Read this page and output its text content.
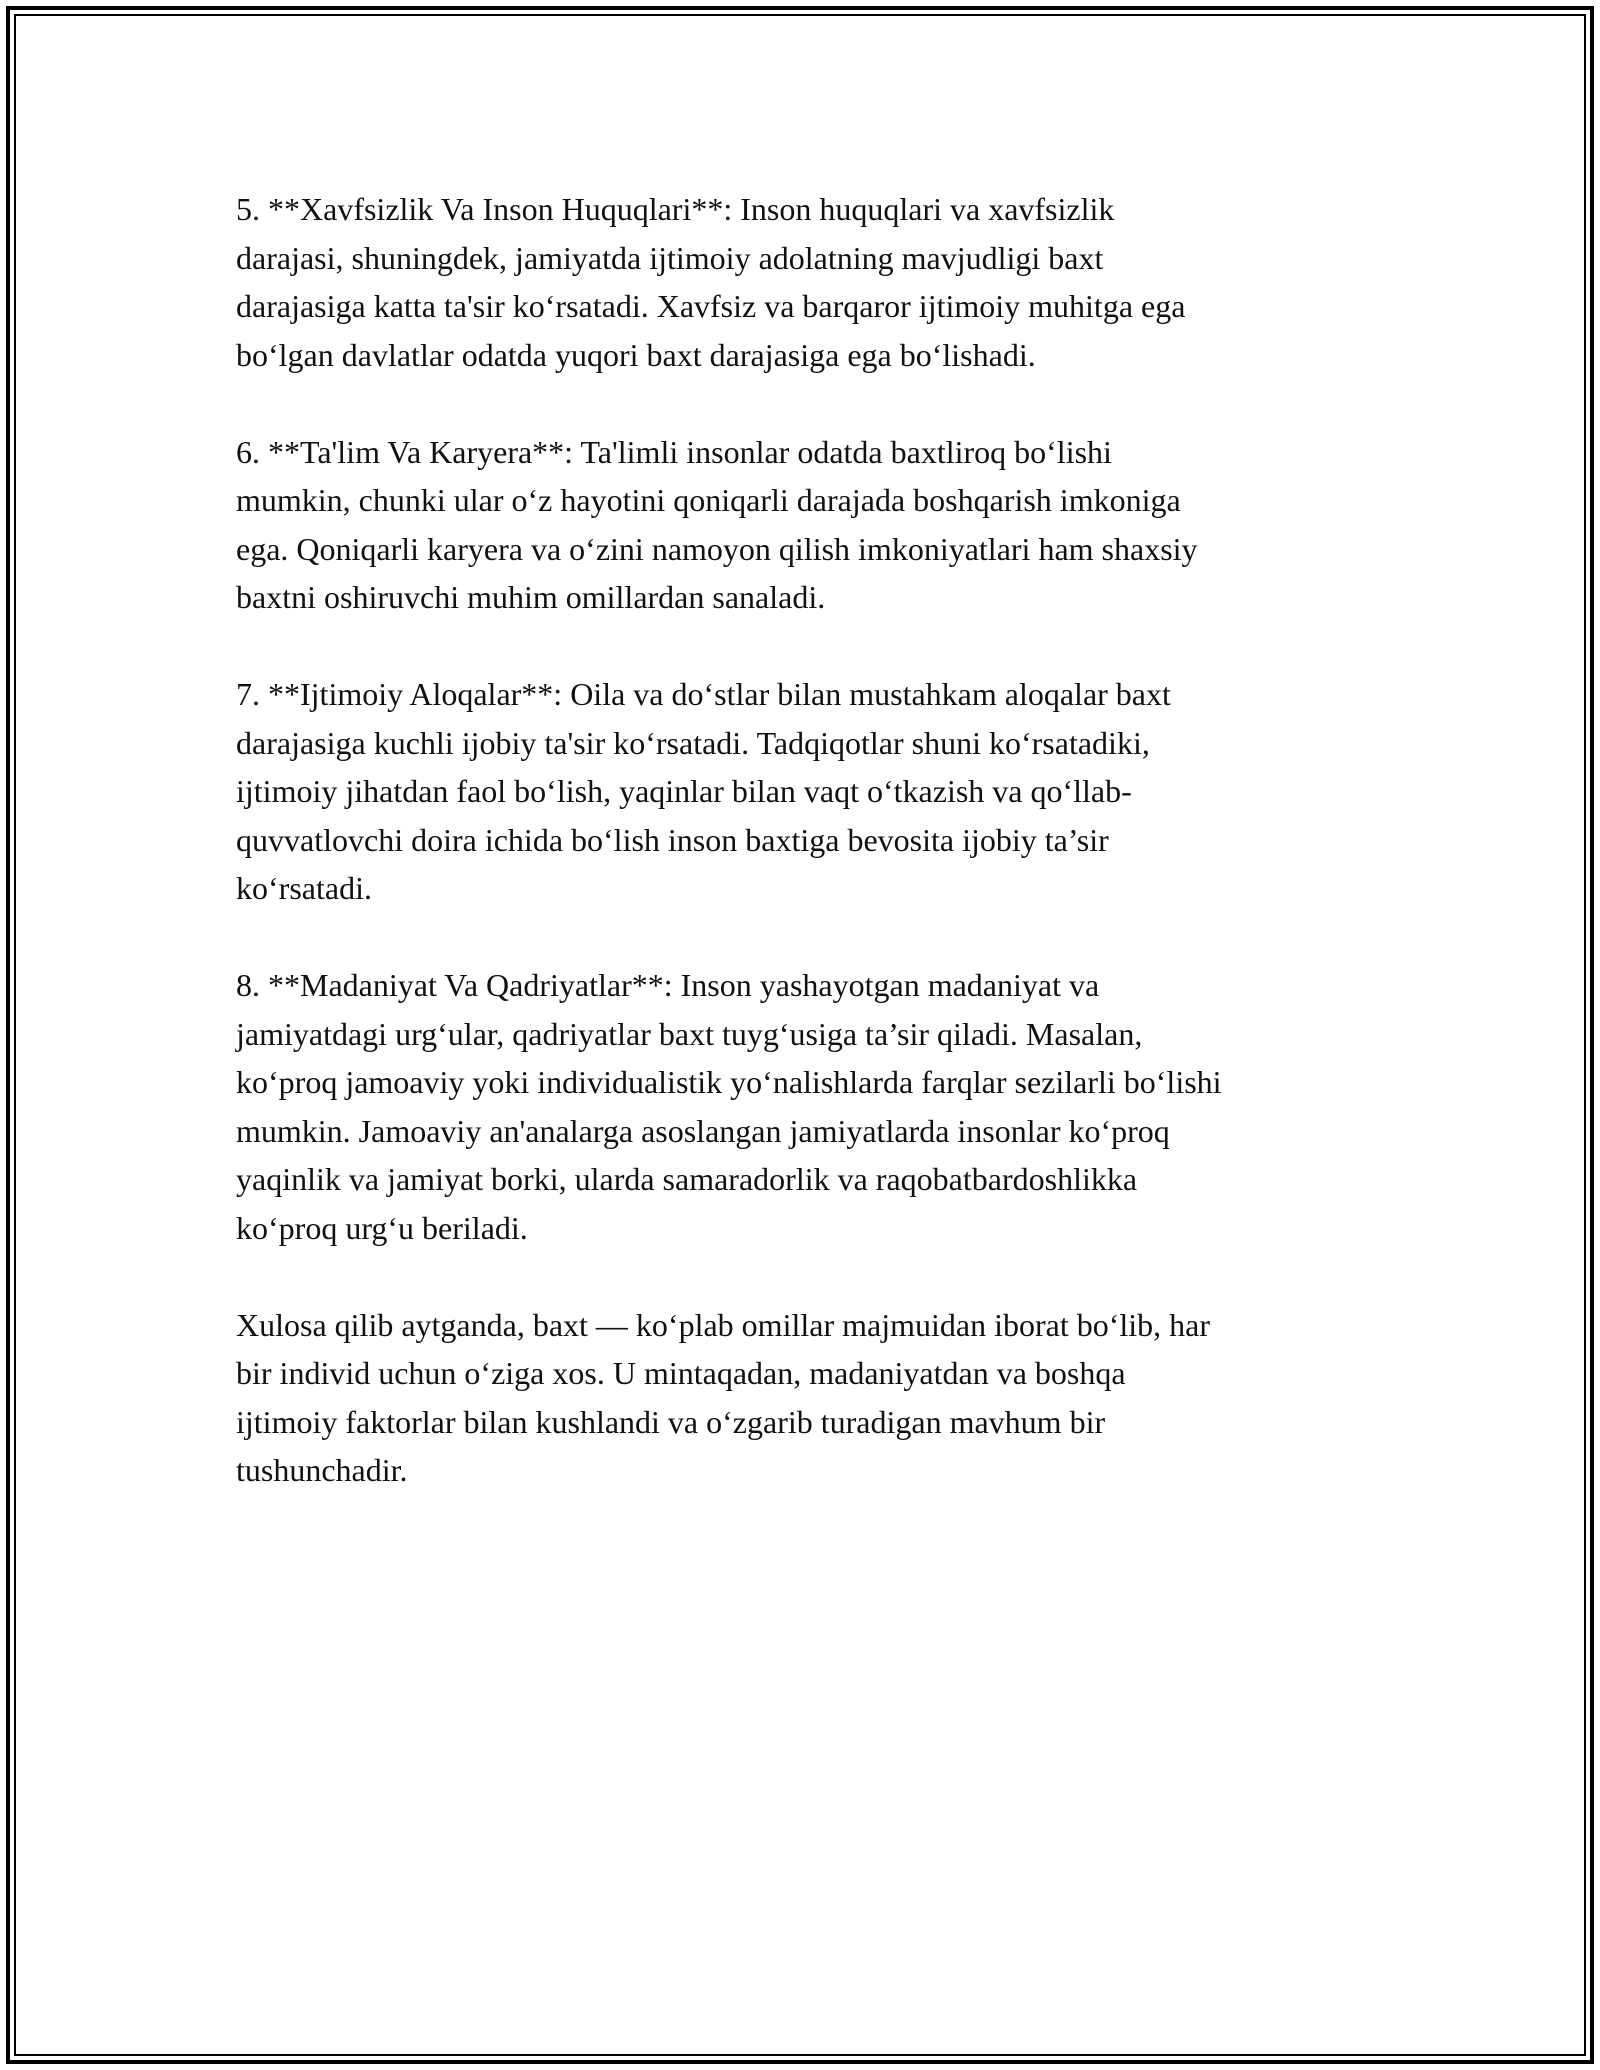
5. **Xavfsizlik Va Inson Huquqlari**: Inson huquqlari va xavfsizlik
darajasi, shuningdek, jamiyatda ijtimoiy adolatning mavjudligi baxt
darajasiga katta ta'sir ko‘rsatadi. Xavfsiz va barqaror ijtimoiy muhitga ega
bo‘lgan davlatlar odatda yuqori baxt darajasiga ega bo‘lishadi.

6. **Ta'lim Va Karyera**: Ta'limli insonlar odatda baxtliroq bo‘lishi
mumkin, chunki ular o‘z hayotini qoniqarli darajada boshqarish imkoniga
ega. Qoniqarli karyera va o‘zini namoyon qilish imkoniyatlari ham shaxsiy
baxtni oshiruvchi muhim omillardan sanaladi.

7. **Ijtimoiy Aloqalar**: Oila va do‘stlar bilan mustahkam aloqalar baxt
darajasiga kuchli ijobiy ta'sir ko‘rsatadi. Tadqiqotlar shuni ko‘rsatadiki,
ijtimoiy jihatdan faol bo‘lish, yaqinlar bilan vaqt o‘tkazish va qo‘llab-
quvvatlovchi doira ichida bo‘lish inson baxtiga bevosita ijobiy ta’sir
ko‘rsatadi.

8. **Madaniyat Va Qadriyatlar**: Inson yashayotgan madaniyat va
jamiyatdagi urg‘ular, qadriyatlar baxt tuyg‘usiga ta’sir qiladi. Masalan,
ko‘proq jamoaviy yoki individualistik yo‘nalishlarda farqlar sezilarli bo‘lishi
mumkin. Jamoaviy an'analarga asoslangan jamiyatlarda insonlar ko‘proq
yaqinlik va jamiyat borki, ularda samaradorlik va raqobatbardoshlikka
ko‘proq urg‘u beriladi.

Xulosa qilib aytganda, baxt — ko‘plab omillar majmuidan iborat bo‘lib, har
bir individ uchun o‘ziga xos. U mintaqadan, madaniyatdan va boshqa
ijtimoiy faktorlar bilan kushlandi va o‘zgarib turadigan mavhum bir
tushunchadir.
